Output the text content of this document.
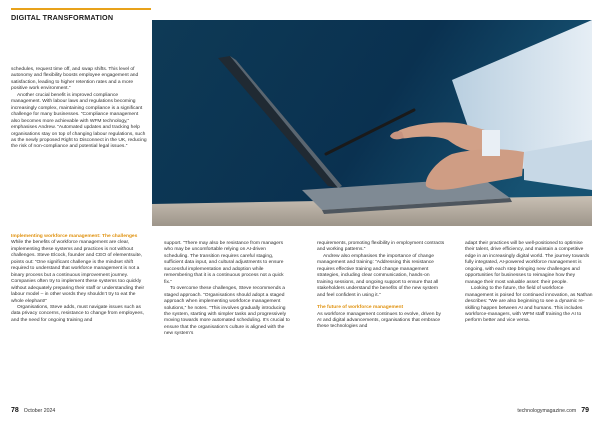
DIGITAL TRANSFORMATION

schedules, request time off, and swap shifts. This level of autonomy and flexibility boosts employee engagement and satisfaction, leading to higher retention rates and a more positive work environment.”

Another crucial benefit is improved compliance management. With labour laws and regulations becoming increasingly complex, maintaining compliance is a significant challenge for many businesses. “Compliance management also becomes more achievable with WFM technology,” emphasises Andrew. “Automated updates and tracking help organisations stay on top of changing labour regulations, such as the newly proposed Right to Disconnect in the UK, reducing the risk of non-compliance and potential legal issues.”

Implementing workforce management: The challenges

While the benefits of workforce management are clear, implementing these systems and practices is not without challenges. Steve Elcock, founder and CEO of elementsuite, points out: “One significant challenge is the mindset shift required to understand that workforce management is not a binary process but a continuous improvement journey. Companies often try to implement these systems too quickly without adequately preparing their staff or understanding their labour model – in other words they shouldn’t try to eat the whole elephant!”

Organisations, Steve adds, must navigate issues such as data privacy concerns, resistance to change from employees, and the need for ongoing training and

support. “There may also be resistance from managers who may be uncomfortable relying on AI-driven scheduling. The transition requires careful staging, sufficient data input, and cultural adjustments to ensure successful implementation and adoption while remembering that it is a continuous process not a quick fix.”

To overcome these challenges, Steve recommends a staged approach. “Organisations should adopt a staged approach when implementing workforce management solutions,” he notes. “This involves gradually introducing the system, starting with simpler tasks and progressively moving towards more automated scheduling. It’s crucial to ensure that the organisation’s culture is aligned with the new system’s

requirements, promoting flexibility in employment contracts and working patterns.”

Andrew also emphasises the importance of change management and training: “Addressing this resistance requires effective training and change management strategies, including clear communication, hands-on training sessions, and ongoing support to ensure that all stakeholders understand the benefits of the new system and feel confident in using it.”

The future of workforce management

As workforce management continues to evolve, driven by AI and digital advancements, organisations that embrace these technologies and

adapt their practices will be well-positioned to optimise their talent, drive efficiency, and maintain a competitive edge in an increasingly digital world. The journey towards fully integrated, AI-powered workforce management is ongoing, with each step bringing new challenges and opportunities for businesses to reimagine how they manage their most valuable asset: their people.

Looking to the future, the field of workforce management is poised for continued innovation, as Nathan describes: “We are also beginning to see a dynamic re-skilling happen between AI and humans. This includes workforce-managers, with WFM staff training the AI to perform better and vice versa.

78 October 2024	technologymagazine.com 79
